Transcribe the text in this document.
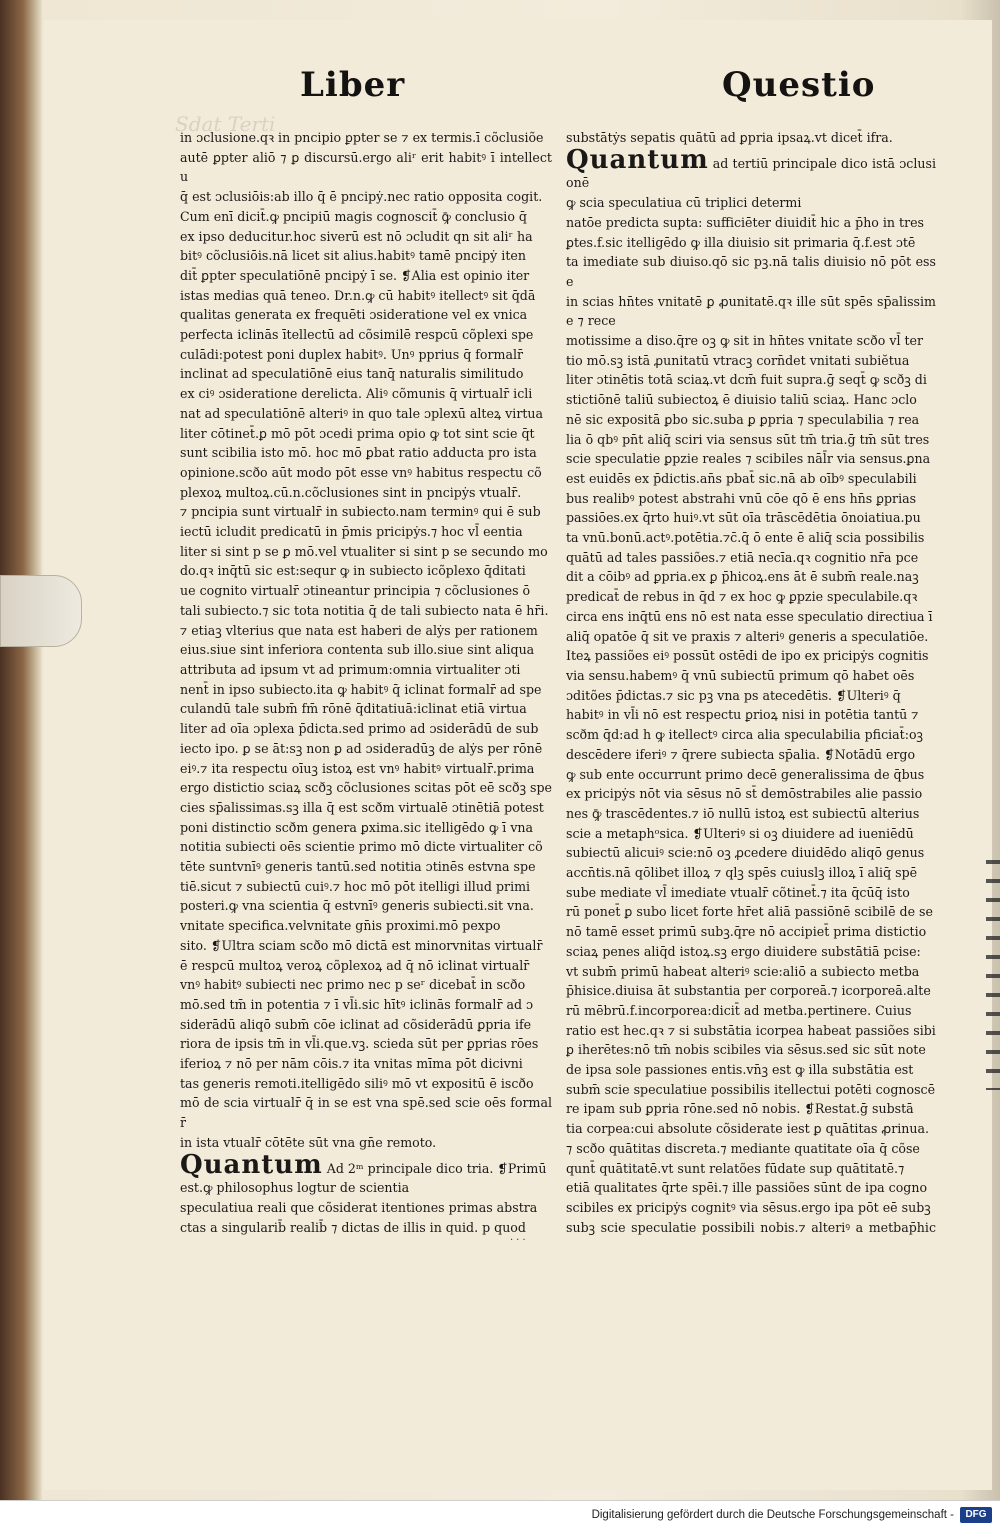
Sdat Terti
Liber	Questio

in ɔclusione.qꝛ in pncipio ꝑpter se ⁊ ex termis.ī cõclusiõe

autē ꝑpter aliō ⁊ ꝑ discursū.ergo aliʳ erit habitꝰ ī intellectu

q̄ est ɔclusiōis:ab illo q̄ ē pncipẏ.nec ratio opposita cogit.

Cum enī dicit̄.ꝙ pncipiū magis cognoscit̄ ꝙ̄ conclusio q̄

ex ipso deducitur.hoc siverū est nō ɔcludit qn sit aliʳ ha

bitꝰ cõclusiōis.nā licet sit alius.habitꝰ tamē pncipẏ iten

dit̄ ꝑpter speculatiōnē pncipẏ ī se. ❡Alia est opinio iter

istas medias quā teneo. Dr.n.ꝙ cū habitꝰ itellectꝰ sit q̄dā

qualitas generata ex frequēti ɔsideratione vel ex vnica

perfecta iclinās ītellectū ad cõsimilē respcū cõplexi spe

culādi:potest poni duplex habitꝰ. Unꝰ pprius q̄ formalr̄

inclinat ad speculatiōnē eius tanq̄ naturalis similitudo

ex ciꝰ ɔsideratione derelicta. Aliꝰ cõmunis q̄ virtualr̄ icli

nat ad speculatiōnē alteriꝰ in quo tale ɔplexū alteꝝ virtua

liter cōtinet̄.ꝑ mō pōt ɔcedi prima opio ꝙ tot sint scie q̄t

sunt scibilia isto mō. hoc mō ꝑbat ratio adducta pro ista

opinione.scðo aūt modo pōt esse vnꝰ habitus respectu cõ

plexoꝝ multoꝝ.cū.n.cõclusiones sint in pncipẏs vtualr̄.

⁊ pncipia sunt virtualr̄ in subiecto.nam terminꝰ qui ē sub

iectū icludit predicatū in p̄mis pricipẏs.⁊ hoc vl̄ eentia

liter si sint p se ꝑ mō.vel vtualiter si sint p se secundo mo

do.qꝛ inq̄tū sic est:sequr ꝙ in subiecto icõplexo q̄ditati

ue cognito virtualr̄ ɔtineantur principia ⁊ cõclusiones ō

tali subiecto.⁊ sic tota notitia q̄ de tali subiecto nata ē hr̄i.

⁊ etiaꝫ vlterius que nata est haberi de alẏs per rationem

eius.siue sint inferiora contenta sub illo.siue sint aliqua

attributa ad ipsum vt ad primum:omnia virtualiter ɔti

nent̄ in ipso subiecto.ita ꝙ habitꝰ q̄ iclinat formalr̄ ad spe

culandū tale subm̄ fm̄ rōnē q̄ditatiuā:iclinat etiā virtua

liter ad oīa ɔplexa p̄dicta.sed primo ad ɔsiderādū de sub

iecto ipo. ꝑ se āt:sꝫ non ꝑ ad ɔsideradūꝫ de alẏs per rōnē

eiꝰ.⁊ ita respectu oīuꝫ istoꝝ est vnꝰ habitꝰ virtualr̄.prima

ergo distictio sciaꝝ scðꝫ cõclusiones scitas pōt eē scðꝫ spe

cies sp̄alissimas.sꝫ illa q̄ est scðm virtualē ɔtinētiā potest

poni distinctio scðm genera ꝑxima.sic itelligēdo ꝙ ī vna

notitia subiecti oēs scientie primo mō dicte virtualiter cõ

tēte suntvnīꝰ generis tantū.sed notitia ɔtinēs estvna spe

tiē.sicut ⁊ subiectū cuiꝰ.⁊ hoc mō pōt itelligi illud primi

posteri.ꝙ vna scientia q̄ estvnīꝰ generis subiecti.sit vna.

vnitate specifica.velvnitate gn̄is proximi.mō pexpo

sito. ❡Ultra sciam scðo mō dictā est minorvnitas virtualr̄

ē respcū multoꝝ veroꝝ cõplexoꝝ ad q̄ nō iclinat virtualr̄

vnꝰ habitꝰ subiecti nec primo nec p seʳ dicebat̄ in scðo

mō.sed tm̄ in potentia ⁊ ī vl̄i.sic hītꝰ iclinās formalr̄ ad ɔ

siderādū aliqō subm̄ cōe iclinat ad cõsiderādū ꝑpria ife

riora de ipsis tm̄ in vl̄i.que.vꝫ. scieda sūt per ꝑprias rōes

iferioꝝ ⁊ nō per nām cōis.⁊ ita vnitas mīma pōt dicivni

tas generis remoti.itelligēdo siliꝰ mō vt expositū ē iscðo

mō de scia virtualr̄ q̄ in se est vna spē.sed scie oēs formalr̄

in ista vtualr̄ cōtēte sūt vna gn̄e remoto.

Quantum Ad 2ᵐ principale dico tria. ❡Primū

est.ꝙ philosophus logtur de scientia

speculatiua reali que cõsiderat itentiones primas abstra

ctas a singularib̄ realib̄ ⁊ dictas de illis in quid. p quod

substātẏs sepatis quātū ad ꝑpria ipsaꝝ.vt dicet̄ ifra.

Quantum ad tertiū principale dico istā ɔclusionē

ꝙ scia speculatiua cū triplici determi

natōe predicta supta: sufficiēter diuidit̄ hic a p̄ho in tres

ꝑtes.f.sic itelligēdo ꝙ illa diuisio sit primaria q̄.f.est ɔtē

ta imediate sub diuiso.qō sic pꝫ.nā talis diuisio nō pōt esse

in scias hn̄tes vnitatē ꝑ ꝓunitatē.qꝛ ille sūt spēs sp̄alissime ⁊ rece

motissime a diso.q̄re oꝫ ꝙ sit in hn̄tes vnitate scðo vl̄ ter

tio mō.sꝫ istā ꝓunitatū vtracꝫ corn̄det vnitati subiĕtua

liter ɔtinētis totā sciaꝝ.vt dcm̄ fuit supra.ḡ seqt̄ ꝙ scðꝫ di

stictiōnē taliū subiectoꝝ ē diuisio taliū sciaꝝ. Hanc ɔclo

nē sic expositā ꝑbo sic.suba ꝑ ꝑpria ⁊ speculabilia ⁊ rea

lia ō qbꝰ pn̄t aliq̄ sciri via sensus sūt tm̄ tria.ḡ tm̄ sūt tres

scie speculatie ꝑpzie reales ⁊ scibiles nāl̄r via sensus.ꝑna

est euidēs ex p̄dictis.an̄s pbat̄ sic.nā ab oībꝰ speculabili

bus realibꝰ potest abstrahi vnū cōe qō ē ens hn̄s ꝑprias

passiōes.ex q̄rto huiꝰ.vt sūt oīa trāscēdētia ōnoiatiua.pu

ta vnū.bonū.actꝰ.potētia.⁊c̄.q̄ ō ente ē aliq̄ scia possibilis

quātū ad tales passiões.⁊ etiā necīa.qꝛ cognitio nr̄a pce

dit a cōibꝰ ad ꝑpria.ex ꝑ p̄hicoꝝ.ens āt ē subm̄ reale.naꝫ

predicat̄ de rebus in q̄d ⁊ ex hoc ꝙ ꝑpzie speculabile.qꝛ

circa ens inq̄tū ens nō est nata esse speculatio directiua ī

aliq̄ opatōe q̄ sit ve praxis ⁊ alteriꝰ generis a speculatiōe.

Iteꝝ passiões eiꝰ possūt ostēdi de ipo ex pricipẏs cognitis

via sensu.habemꝰ q̄ vnū subiectū primum qō habet oēs

ɔditões p̄dictas.⁊ sic pꝫ vna ps atecedētis. ❡Ulteriꝰ q̄

habitꝰ in vl̄i nō est respectu ꝑrioꝝ nisi in potētia tantū ⁊

scðm q̄d:ad h ꝙ itellectꝰ circa alia speculabilia pficiat̄:oꝫ

descēdere iferiꝰ ⁊ q̄rere subiecta sp̄alia. ❡Notādū ergo

ꝙ sub ente occurrunt primo decē generalissima de q̄bus

ex pricipẏs nōt via sēsus nō st̄ demōstrabiles alie passio

nes ꝙ̄ trascēdentes.⁊ iō nullū istoꝝ est subiectū alterius

scie a metaphᵒsica. ❡Ulteriꝰ si oꝫ diuidere ad iueniēdū

subiectū alicuiꝰ scie:nō oꝫ ꝓcedere diuidēdo aliqō genus

accn̄tis.nā qōlibet illoꝝ ⁊ qlꝫ spēs cuiuslꝫ illoꝝ ī aliq̄ spē

sube mediate vl̄ imediate vtualr̄ cõtinet̄.⁊ ita q̄cūq̄ isto

rū ponet̄ ꝑ subo licet forte hr̄et aliā passiōnē scibilē de se

nō tamē esset primū subꝫ.q̄re nō accipiet̄ prima distictio

sciaꝝ penes aliq̄d istoꝝ.sꝫ ergo diuidere substātiā pcise:

vt subm̄ primū habeat alteriꝰ scie:aliō a subiecto metba

p̄hisice.diuisa āt substantia per corporeā.⁊ icorporeā.alte

rū mēbrū.f.incorporea:dicit̄ ad metba.pertinere. Cuius

ratio est hec.qꝛ ⁊ si substātia icorpea habeat passiões sibi

ꝑ iherētes:nō tm̄ nobis scibiles via sēsus.sed sic sūt note

de ipsa sole passiones entis.vn̄ꝫ est ꝙ illa substātia est

subm̄ scie speculatiue possibilis itellectui potēti cognoscē

re ipam sub ꝑpria rōne.sed nō nobis. ❡Restat.ḡ substā

tia corpea:cui absolute cõsiderate iest ꝑ quātitas ꝓrinua.

⁊ scðo quātitas discreta.⁊ mediante quatitate oīa q̄ cõse

qunt̄ quātitatē.vt sunt relatões fūdate sup quātitatē.⁊

etiā qualitates q̄rte spēi.⁊ ille passiões sūnt de ipa cogno

scibiles ex pricipẏs cognitꝰ via sēsus.ergo ipa pōt eē subꝫ

subꝫ scie speculatie possibili nobis.⁊ alteriꝰ a metbap̄hic

...
Digitalisierung gefördert durch die Deutsche Forschungsgemeinschaft -	DFG
